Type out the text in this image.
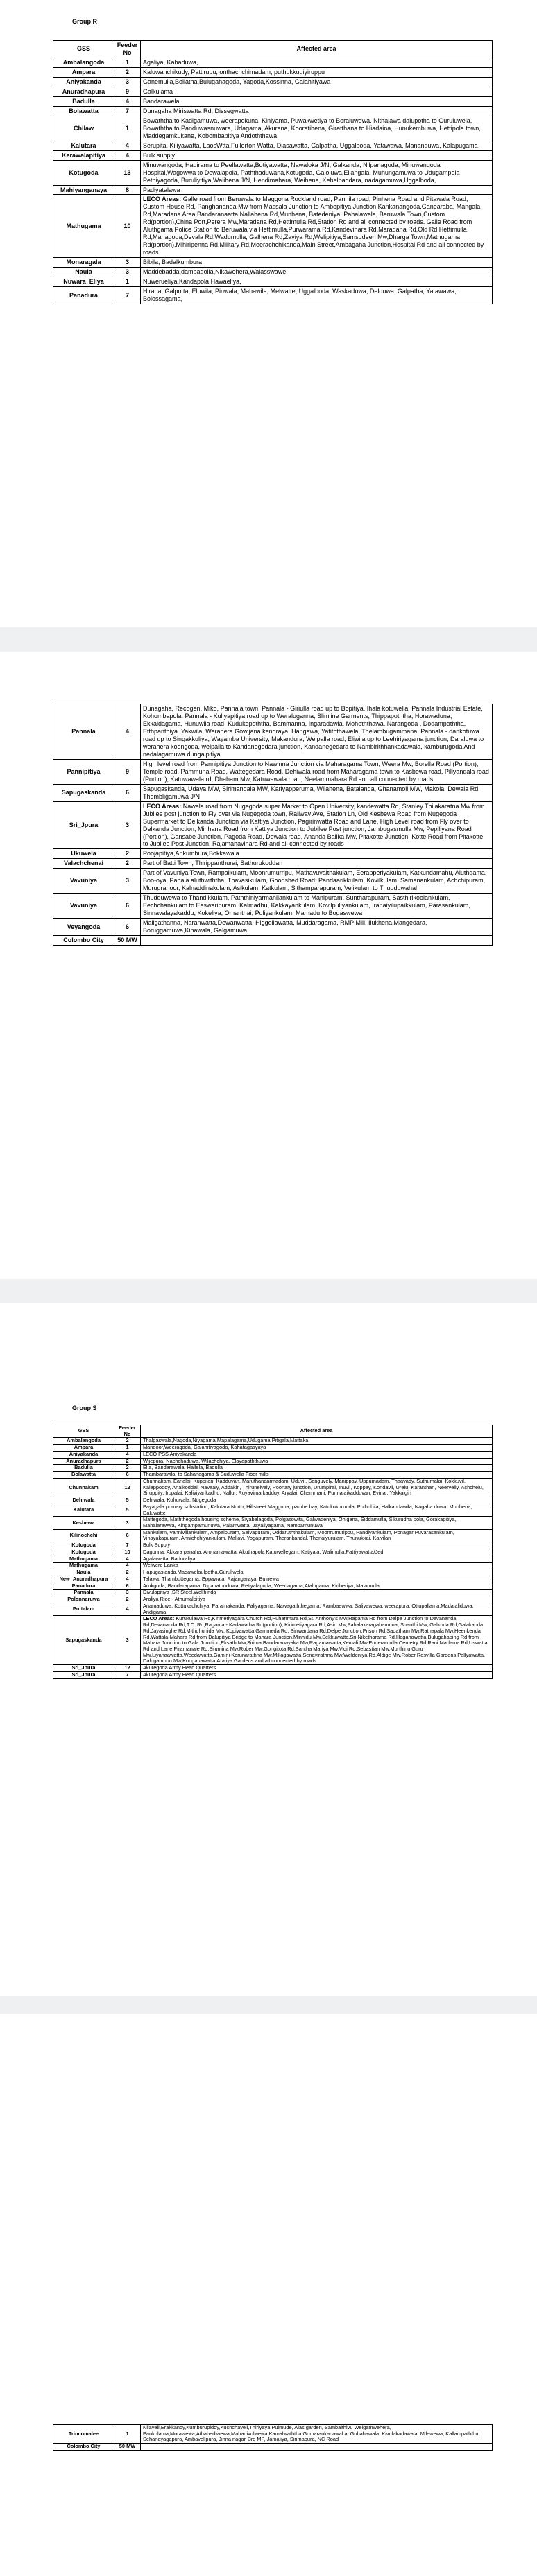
Group R
GSS	Feeder No	Affected area
Ambalangoda	1	Agaliya, Kahaduwa,
Ampara	2	Kaluwanchikudy, Pattirupu, onthachchimadam, puthukkudiyiruppu
Aniyakanda	3	Ganemulla,Bollatha,Bulugahagoda, Yagoda,Kossinna, Galahitiyawa
Anuradhapura	9	Galkulama
Badulla	4	Bandarawela
Bolawatta	7	Dunagaha Miriswatta Rd, Dissegwatta
Chilaw	1	Bowaththa to Kadigamuwa, weerapokuna, Kiniyama, Puwakwetiya to Boraluwewa. Nithalawa dalupotha to Guruluwela, Bowaththa to Panduwasnuwara, Udagama, Akurana, Kooratihena, Giratthana to Hiadaina, Hunukembuwa, Hettipola town, Maddegamkukane, Kobombapitiya Andoththawa
Kalutara	4	Serupita, Kiliyawatta, LaosWtta,Fullerton Watta, Diasawatta, Galpatha, Uggalboda, Yatawawa, Mananduwa, Kalapugama
Kerawalapitiya	4	Bulk supply
Kotugoda	13	Minuwangoda, Hadirama to Peellawatta,Botiyawatta, Nawaloka J/N, Galkanda, Nilpanagoda, Minuwangoda Hospital,Wagowwa to Dewalapola, Paththaduwana,Kotugoda, Galoluwa,Ellangala, Muhungamuwa to Udugampola Pethiyagoda, Buruliyitiya,Walihena J/N, Hendimahara, Weihena, Kehelbaddara, nadagamuwa,Uggalboda,
Mahiyanganaya	8	Padiyatalawa
Mathugama	10	LECO Areas: Galle road from Beruwala to Maggona Rockland road, Pannila road, Pinhena Road and Pitawala Road, Custom House Rd, Panghananda Mw from Massala Junction to Ambepitiya Junction,Kankanangoda,Ganearaba, Mangala Rd,Maradana Area,Bandaranaatta,Nallahena Rd,Munhena, Batedeniya, Pahalawela, Beruwala Town,Custom Rd(portion),China Port,Perera Mw,Maradana Rd,Hettimulla Rd,Station Rd and all connected by roads. Galle Road from Aluthgama Police Station to Beruwala via Hettimulla,Purwarama Rd,Kandevihara Rd,Maradana Rd,Old Rd,Hettimulla Rd,Mahagoda,Devala Rd,Wadumulla, Galhena Rd,Zaviya Rd,Welipitiya,Samsudeen Mw,Dharga Town,Mathugama Rd(portion),Mihiripenna Rd,Military Rd,Meerachchikanda,Main Street,Ambagaha Junction,Hospital Rd and all connected by roads
Monaragala	3	Bibila, Badalkumbura
Naula	3	Maddebadda,dambagolla,Nikawehera,Walasswawe
Nuwara_Eliya	1	Nuwerueliya,Kandapola,Hawaeliya,
Panadura	7	Hirana, Galpotta, Eluwila, Pinwala, Mahawila, Melwatte, Uggalboda, Waskaduwa, Delduwa, Galpatha, Yatawawa, Bolossagama,
Pannala	4	Dunagaha, Recogen, Miko, Pannala town, Pannala - Giriulla road up to Bopitiya, Ihala kotuwella, Pannala Industrial Estate, Kohombapola. Pannala - Kuliyapitiya road up to Weraluganna, Slimline Garments, Thippapoththa, Horawaduna, Ekkaldagama, Hunuwila road, Kudukopoththa, Bammanna, Ingaradawla, Mohoththawa, Narangoda , Dodampoththa, Etthpanthiya. Yakwila, Werahera Gowijana kendraya, Hangawa, Yatiththawela, Thelambugammana. Pannala - dankotuwa road up to Singakkuliya, Wayamba University, Makandura, Welpalla road, Eliwila up to Leehiriyagama junction, Daraluwa to werahera koongoda, welpalla to Kandanegedara junction, Kandanegedara to Nambirithhankadawala, kamburugoda And nedalagamuwa dungalpitiya
Pannipitiya	9	High level road from Pannipitiya Junction to Nawinna Junction via Maharagama Town, Weera Mw, Borella Road (Portion), Temple road, Pammuna Road, Wattegedara Road, Dehiwala road from Maharagama town to Kasbewa road, Piliyandala road (Portion), Katuwawala rd, Dhaham Mw, Katuwawala road, Neelammahara Rd and all connected by roads
Sapugaskanda	6	Sapugaskanda, Udaya MW, Sirimangala MW, Kariyapperuma, Wilahena, Batalanda, Ghanamoli MW, Makola, Dewala Rd, Thembligamuwa J/N
Sri_Jpura	3	LECO Areas: Nawala road from Nugegoda super Market to Open University, kandewatta Rd, Stanley Thilakaratna Mw from Jubilee post junction to Fly over via Nugegoda town, Railway Ave, Station Ln, Old Kesbewa Road from Nugegoda Supermarket to Delkanda Junction via Kattiya Junction, Pagirinwatta Road and Lane, High Level road from Fly over to Delkanda Junction, Mirihana Road from Kattiya Junction to Jubilee Post junction, Jambugasmulla Mw, Pepiliyana Road (Portion), Gansabe Junction, Pagoda Road, Dewala road, Ananda Balika Mw, Pitakotte Junction, Kotte Road from Pitakotte to Jubilee Post Junction, Rajamahavihara Rd and all connected by roads
Ukuwela	2	Poojapitiya,Ankumbura,Bokkawala
Valachchenai	2	Part of Batti Town, Thirippanthurai, Sathurukoddan
Vavuniya	3	Part of Vavuniya Town, Rampaikulam, Moonrumurripu, Mathavuvaithakulam, Eerapperiyakulam, Katkundamahu, Aluthgama, Boo-oya, Pahala aluthwiththa, Thavasikulam, Goodshed Road, Pandaarikkulam, Kovilkulam, Samanankulam, Achchipuram, Murugranoor, Kalnaddinakulam, Asikulam, Katkulam, Sithamparapuram, Velikulam to Thudduwahal
Vavuniya	6	Thudduwewa to Thandikkulam, Paththiniyarmahilankulam to Manipuram, Suntharapuram, Sasthirikoolankulam, Eechchankulam to Eeswaripuram, Kalmadhu, Kakkayankulam, Kovilpuliyankulam, Iranaiyilupaikkulam, Parasankulam, Sinnavalayakaddu, Kokeliya, Omanthai, Puliyankulam, Mamadu to Bogaswewa
Veyangoda	6	Maligathanna, Naranwatta,Dewanwatta, Higgollawatta, Muddaragama, RMP Mill, Ilukhena,Mangedara, Boruggamuwa,Kinawala, Galgamuwa
Colombo City	50 MW	
Group S
GSS	Feeder No	Affected area
Ambalangoda	2	Thalgaswala,Nagoda,Niyagama,Mapalagama,Udugama,Pitigala,Mattaka
Ampara	1	Mandoor,Weeragoda, Galahitiyagoda, Kahatagasyaya
Aniyakanda	4	LECO PSS Aniyakanda
Anuradhapura	2	Wijepura, Nachchaduwa, Wilachchiya, Elayapaththuwa
Badulla	2	Ella, Bandarawela, Hallela, Badulla
Bolawatta	6	Thambarawila, to Sahanagama & Suduwella Fiber mills
Chunnakam	12	Chunnakam, Earlalai, Kuppilan, Kadduvan, Maruthanaarmadam, Uduvil, Sanguvely, Manippay, Uppumadam, Thaavady, Suthumalai, Kokkuvil, Kalappoddy, Anaikoddai, Navaaly, Addakiri, Thirunelvely, Poonary junction, Urumpirai, Inuvil, Koppay, Kondavil, Urelu, Karanthan, Neerveliy, Achchelu, Siruppity, Irupalai, Kaliviyankadhu, Nallur, Ruyavimarkadduy, Aryalai, Chemmani, Punnalaikadduvan, Evinai, Yakkaigiri
Dehiwala	5	Dehiwala, Kohuwala, Nugegoda
Kalutara	5	Payagala primary substation, Kalutara North, Hillstreet Maggona, pambe bay, Katukukurunda, Pothuhila, Halkandawila, Nagaha duwa, Munhena, Daluwatte
Kesbewa	3	Mattegoda, Maththegoda housing scheme, Siyabalagoda, Polgasowita, Galwadeniya, Ohigana, Siddamulla, Sikurudha pola, Gorakapitiya, Mahalarawwa, Kingampamunuwa, Palamwatta, Jayaliyagama, Nampamunuwa
Kilinochchi	6	Mankulam, Vanniviliankulam, Ampalpuram, Selvapuram, Oddaruththakulam, Moonrumurippu, Pandiyankulam, Ponagar Puvarasankulam, Vinayakapuram, Annichchiyankulam, Mallavi, Yogapuram, Therankandal, Thenaiyuruiam, Thunukkai, Kalvilan
Kotugoda	7	Bulk Supply
Kotugoda	10	Dagonna, Akkara panaha, Aronamawatta, Akuthapola Katuwellegam, Katiyala, Walimulla,Pattiyawatta/Jed
Mathugama	4	Agalawatta, Baduraliya,
Mathugama	4	Welwere Lanka
Naula	2	Hapugaslanda,Madawelaulpotha,Gurullwela,
New_Anuradhapura	4	Talawa, Thambuttegama, Eppawala, Rajangaraya, Bulnewa
Panadura	6	Arukgoda, Bandaragama, Diganathuduwa, Retiyalagoda, Weedagama,Atalugama, Kiriberiya, Malamulla
Pannala	3	Divulapitiya ,SR Steel,Welihinda
Polonnaruwa	2	Araliya Rice - Athumalpitiya
Puttalam	4	Anamaduwa, Kottukachchiya, Paramakanda, Paliyagama, Nawagaththegama, Rambaewwa, Saliyawewa, weerapura, Ottupallama,Madalaliduwa, Andigama
Sapugaskanda	3	LECO Areas: Kurukulawa Rd,Kirimetiyagara Church Rd,Puhanmara Rd,St. Anthony's Mw,Ragama Rd from Delpe Junction to Devananda Rd,Devananda Rd,T.C. Rd,Ragama - Kadawatha Rd(portion), Kirimetiyagara Rd,Asiri Mw,Pahalakaragahamuna, Shanthi Mw, Galkoda Rd,Galakanda Rd,Jayasinghe Rd,Mithuhunida Mw, Kopiyawatta,Gammeda Rd, Sirrwardana Rd,Delpe Junction,Prison Rd,Sadatham Mw,Rathapala Mw,Heenkenda Rd,Wattala-Mahara Rd from Dalupitiya Bridge to Mahara Junction,Minhidu Mw,Sekkuwatta,Sri Niketharama Rd,Illagahawatta,Bulugahaping Rd from Mahara Junction to Gala Junction,Eksath Mw,Sirima Bandaranayaka Mw,Ragamawatta,Kemali Mw,Enderamulla Cemetry Rd,Rani Madama Rd,Uswatta Rd and Lane,Piramanale Rd,Silumina Mw,Rober Mw,Gongitota Rd,Santha Mariya Mw,Vidi Rd,Sebastian Mw,Murthinu Guru Mw,Liyanaawatta,Weedawatta,Gamini Karunarathna Mw,Millagawatta,Senavirathna Mw,Weldeniya Rd,Aldige Mw,Rober Rosvilla Gardens,Pallyawatta, Dalugamunu Mw,Kongahawatta,Araliya Gardens and all connected by roads
Sri_Jpura	12	Akuregoda Army Head Quarters
Sri_Jpura	7	Akuregoda Army Head Quarters
Trincomalee	1	Nilaveli,Erakkandy,Kumburupiddy,Kuchchaveli,Thiriyaya,Pulmude, Alas garden, Sambalthivu Welgamwehera, Pankulama,Morawewa,Athabediwewa,Mahadivulwewa,Kamalwaththa,Gomarankadawal a, Gobahawala, Kivulakadawala, Milewewa, Kallampaththu, Sehanayagapura, Ambavelipura, Jinna nagar, 3rd MP, Jamaliya, Sirimapura, NC Road
Colombo City	50 MW	
